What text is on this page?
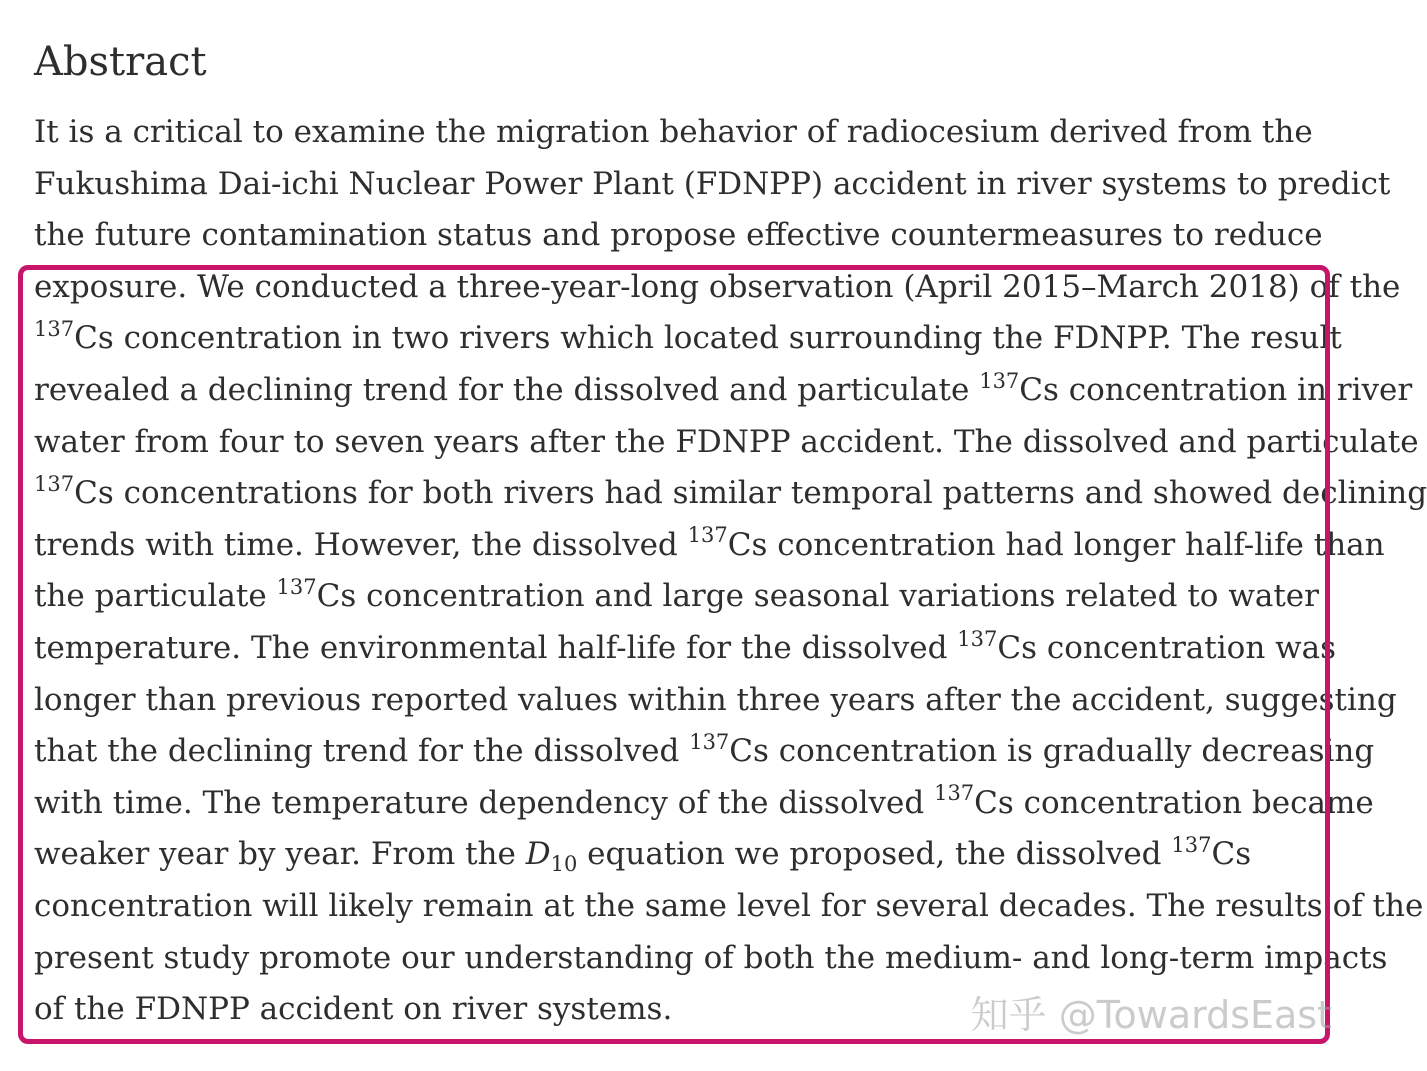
Abstract
It is a critical to examine the migration behavior of radiocesium derived from the
Fukushima Dai-ichi Nuclear Power Plant (FDNPP) accident in river systems to predict
the future contamination status and propose effective countermeasures to reduce
exposure. We conducted a three-year-long observation (April 2015–March 2018) of the
$^{137}$Cs concentration in two rivers which located surrounding the FDNPP. The result
revealed a declining trend for the dissolved and particulate $^{137}$Cs concentration in river
water from four to seven years after the FDNPP accident. The dissolved and particulate
$^{137}$Cs concentrations for both rivers had similar temporal patterns and showed declining
trends with time. However, the dissolved $^{137}$Cs concentration had longer half-life than
the particulate $^{137}$Cs concentration and large seasonal variations related to water
temperature. The environmental half-life for the dissolved $^{137}$Cs concentration was
longer than previous reported values within three years after the accident, suggesting
that the declining trend for the dissolved $^{137}$Cs concentration is gradually decreasing
with time. The temperature dependency of the dissolved $^{137}$Cs concentration became
weaker year by year. From the $D_{10}$ equation we proposed, the dissolved $^{137}$Cs
concentration will likely remain at the same level for several decades. The results of the
present study promote our understanding of both the medium- and long-term impacts
of the FDNPP accident on river systems.	知乎 @TowardsEast
